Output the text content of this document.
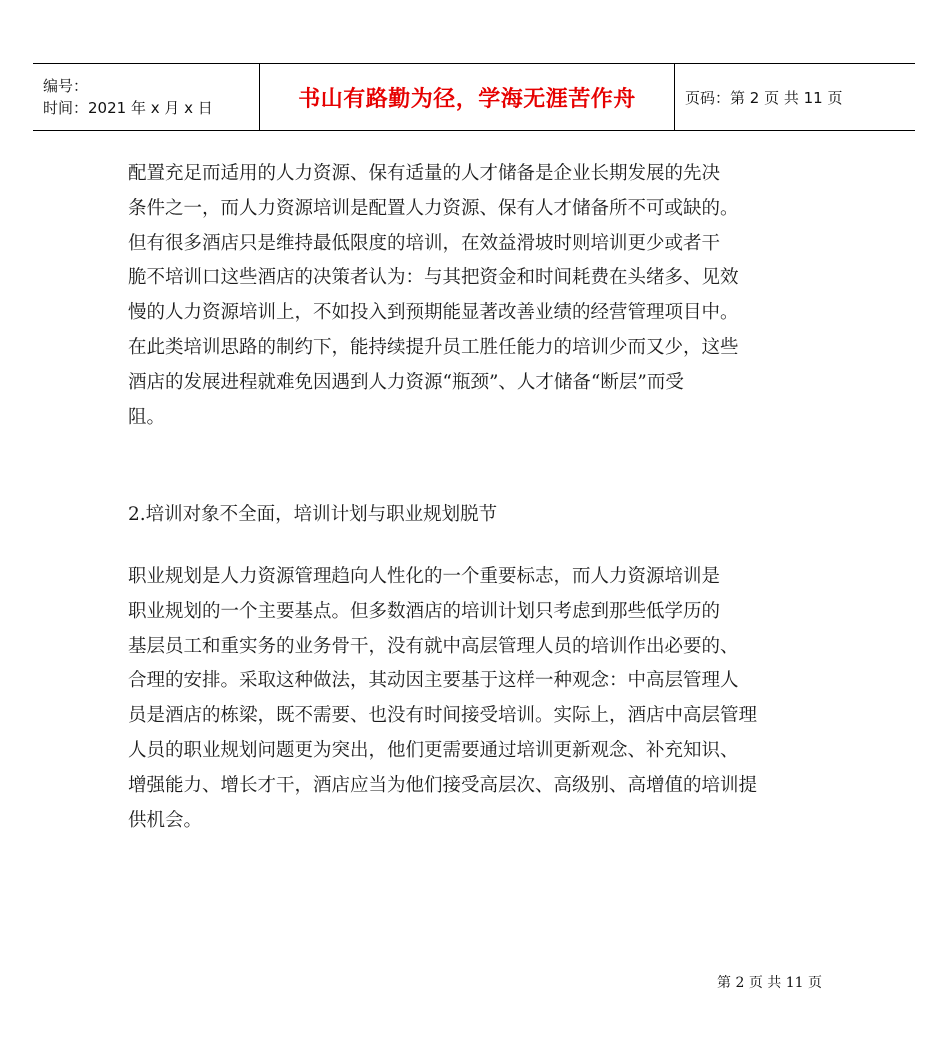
编号：
时间：2021 年 x 月 x 日	书山有路勤为径，学海无涯苦作舟	页码：第 2 页 共 11 页
配置充足而适用的人力资源、保有适量的人才储备是企业长期发展的先决
条件之一，而人力资源培训是配置人力资源、保有人才储备所不可或缺的。
但有很多酒店只是维持最低限度的培训，在效益滑坡时则培训更少或者干
脆不培训口这些酒店的决策者认为：与其把资金和时间耗费在头绪多、见效
慢的人力资源培训上，不如投入到预期能显著改善业绩的经营管理项目中。
在此类培训思路的制约下，能持续提升员工胜任能力的培训少而又少，这些
酒店的发展进程就难免因遇到人力资源“瓶颈”、人才储备“断层”而受
阻。
2.培训对象不全面，培训计划与职业规划脱节
职业规划是人力资源管理趋向人性化的一个重要标志，而人力资源培训是
职业规划的一个主要基点。但多数酒店的培训计划只考虑到那些低学历的
基层员工和重实务的业务骨干，没有就中高层管理人员的培训作出必要的、
合理的安排。采取这种做法，其动因主要基于这样一种观念：中高层管理人
员是酒店的栋梁，既不需要、也没有时间接受培训。实际上，酒店中高层管理
人员的职业规划问题更为突出，他们更需要通过培训更新观念、补充知识、
增强能力、增长才干，酒店应当为他们接受高层次、高级别、高增值的培训提
供机会。
第 2 页 共 11 页
